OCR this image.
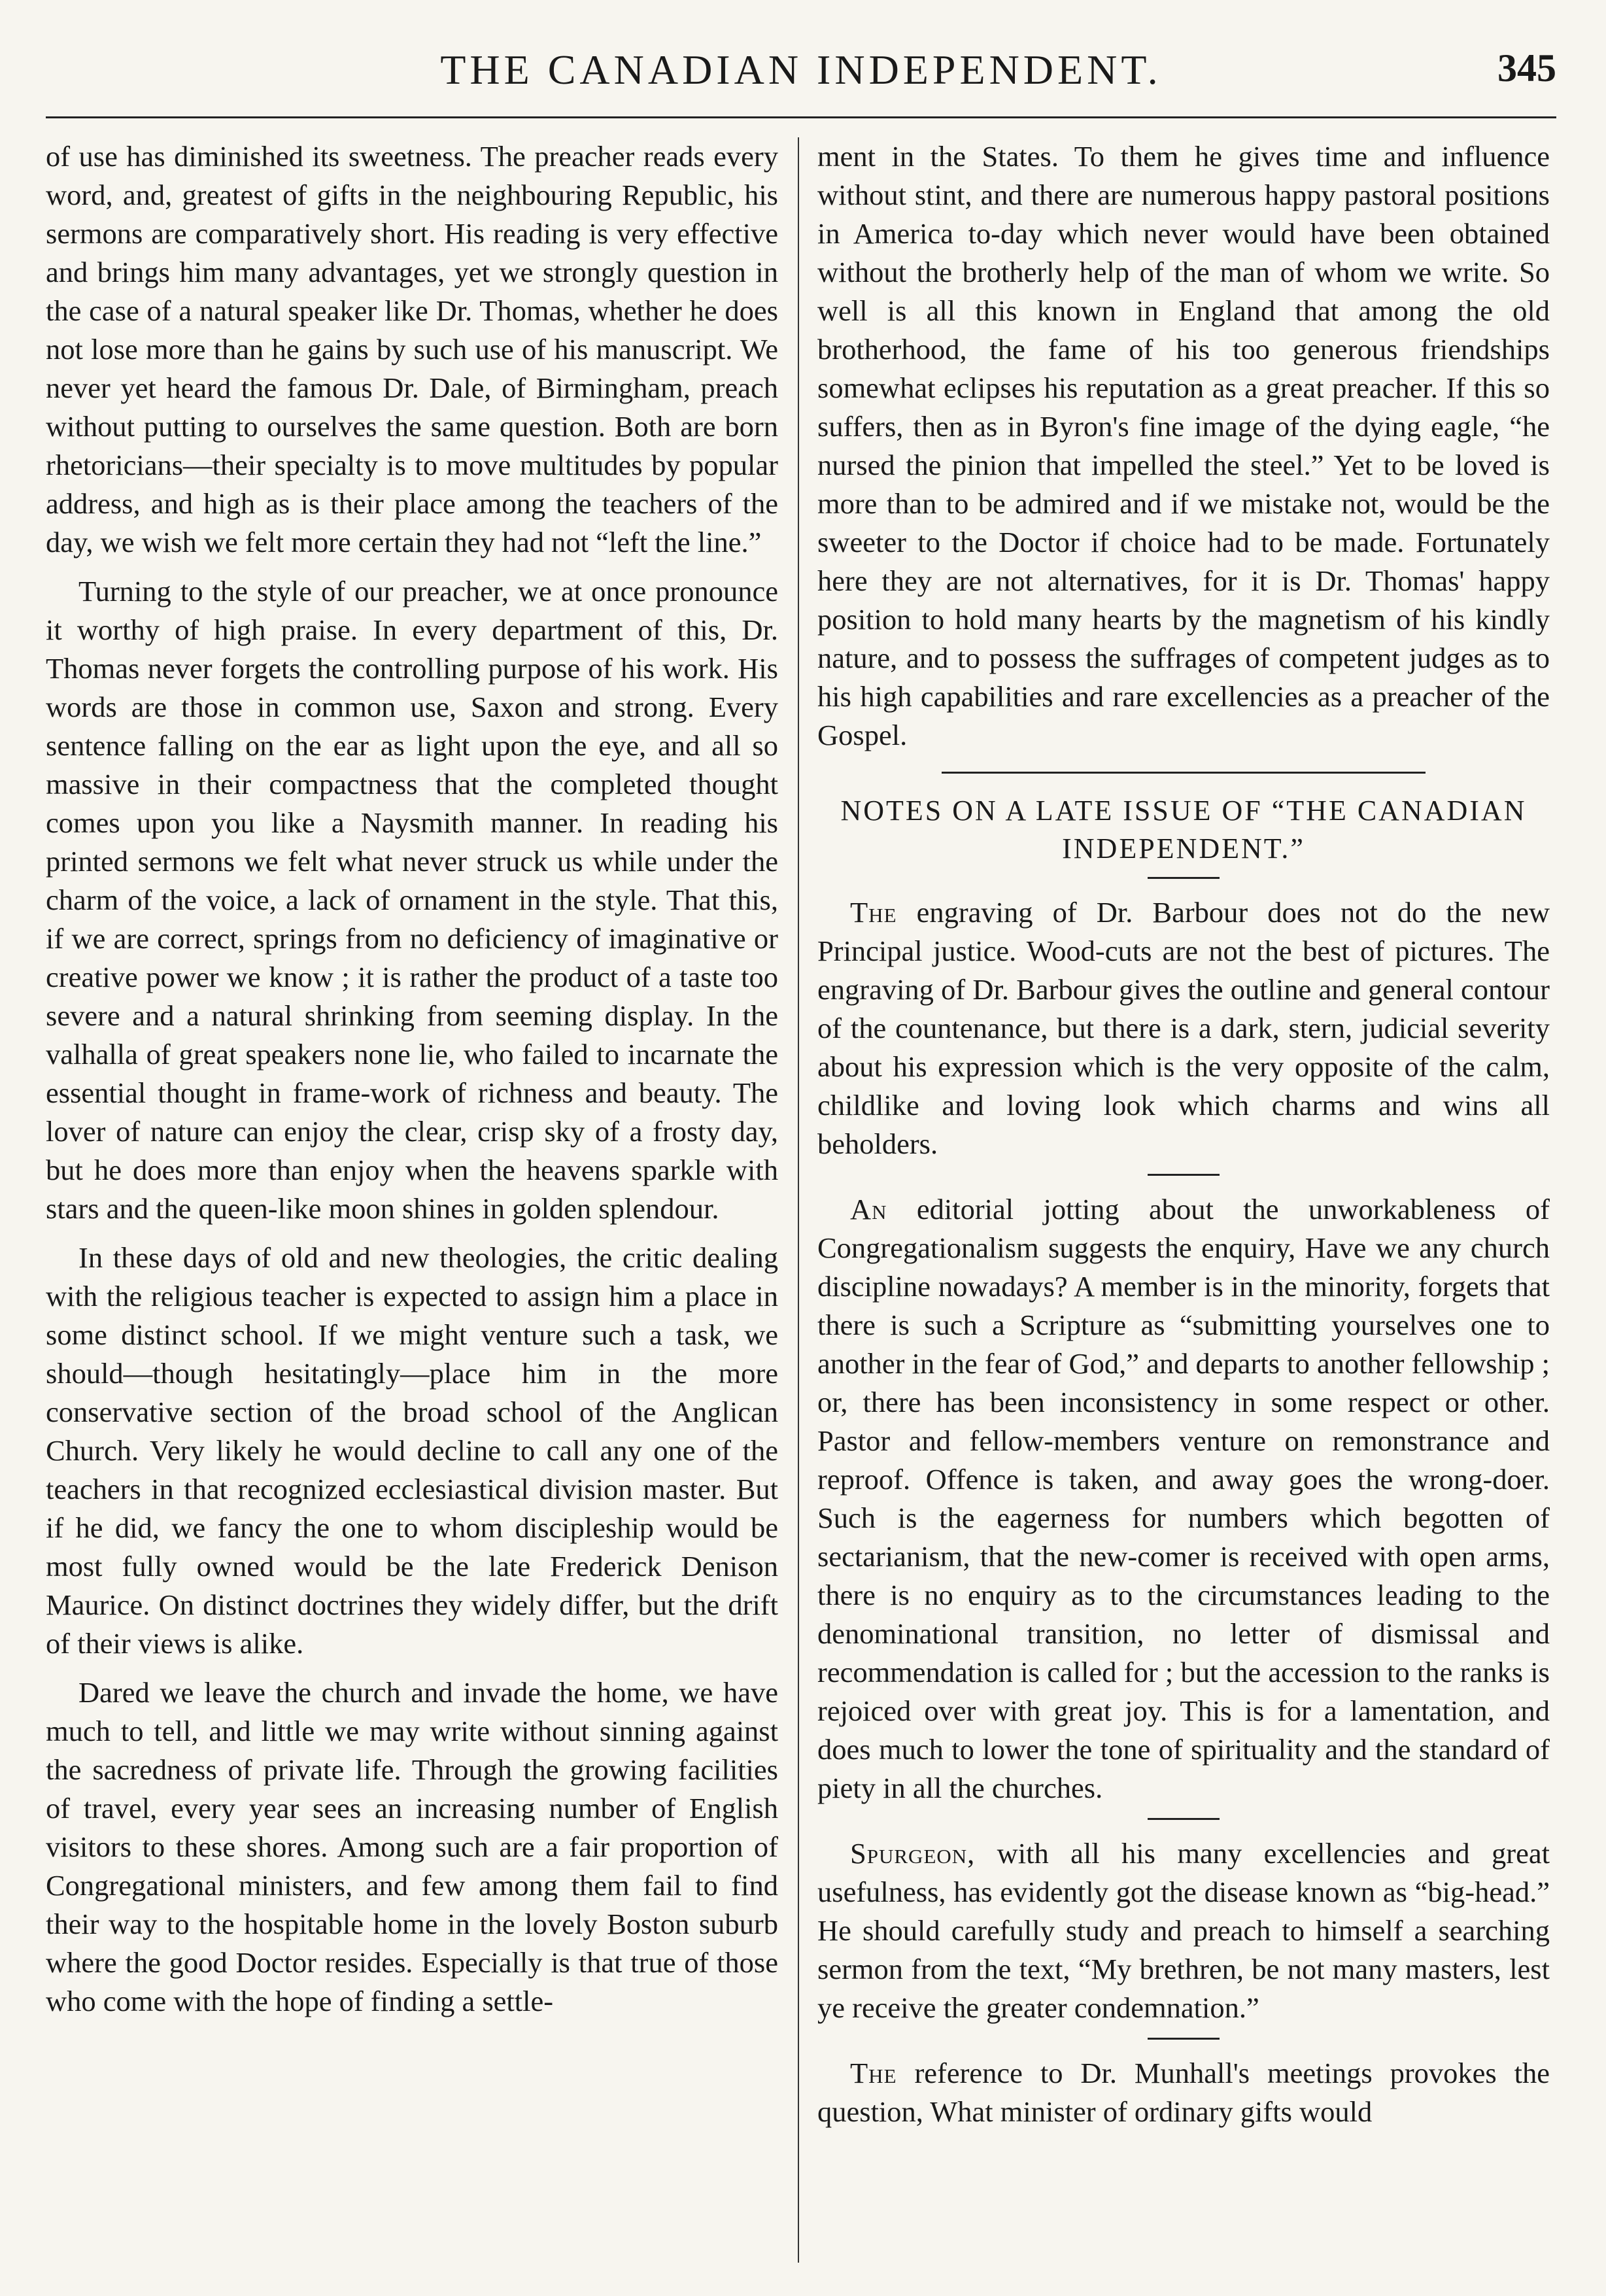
THE CANADIAN INDEPENDENT.	345

of use has diminished its sweetness. The preacher reads every word, and, greatest of gifts in the neighbouring Republic, his sermons are comparatively short. His reading is very effective and brings him many advantages, yet we strongly question in the case of a natural speaker like Dr. Thomas, whether he does not lose more than he gains by such use of his manuscript. We never yet heard the famous Dr. Dale, of Birmingham, preach without putting to ourselves the same question. Both are born rhetoricians—their specialty is to move multitudes by popular address, and high as is their place among the teachers of the day, we wish we felt more certain they had not “left the line.”

Turning to the style of our preacher, we at once pronounce it worthy of high praise. In every department of this, Dr. Thomas never forgets the controlling purpose of his work. His words are those in common use, Saxon and strong. Every sentence falling on the ear as light upon the eye, and all so massive in their compactness that the completed thought comes upon you like a Naysmith manner. In reading his printed sermons we felt what never struck us while under the charm of the voice, a lack of ornament in the style. That this, if we are correct, springs from no deficiency of imaginative or creative power we know ; it is rather the product of a taste too severe and a natural shrinking from seeming display. In the valhalla of great speakers none lie, who failed to incarnate the essential thought in frame-work of richness and beauty. The lover of nature can enjoy the clear, crisp sky of a frosty day, but he does more than enjoy when the heavens sparkle with stars and the queen-like moon shines in golden splendour.

In these days of old and new theologies, the critic dealing with the religious teacher is expected to assign him a place in some distinct school. If we might venture such a task, we should—though hesitatingly—place him in the more conservative section of the broad school of the Anglican Church. Very likely he would decline to call any one of the teachers in that recognized ecclesiastical division master. But if he did, we fancy the one to whom discipleship would be most fully owned would be the late Frederick Denison Maurice. On distinct doctrines they widely differ, but the drift of their views is alike.

Dared we leave the church and invade the home, we have much to tell, and little we may write without sinning against the sacredness of private life. Through the growing facilities of travel, every year sees an increasing number of English visitors to these shores. Among such are a fair proportion of Congregational ministers, and few among them fail to find their way to the hospitable home in the lovely Boston suburb where the good Doctor resides. Especially is that true of those who come with the hope of finding a settle-

ment in the States. To them he gives time and influence without stint, and there are numerous happy pastoral positions in America to-day which never would have been obtained without the brotherly help of the man of whom we write. So well is all this known in England that among the old brotherhood, the fame of his too generous friendships somewhat eclipses his reputation as a great preacher. If this so suffers, then as in Byron's fine image of the dying eagle, “he nursed the pinion that impelled the steel.” Yet to be loved is more than to be admired and if we mistake not, would be the sweeter to the Doctor if choice had to be made. Fortunately here they are not alternatives, for it is Dr. Thomas' happy position to hold many hearts by the magnetism of his kindly nature, and to possess the suffrages of competent judges as to his high capabilities and rare excellencies as a preacher of the Gospel.

NOTES ON A LATE ISSUE OF “THE CANADIAN INDEPENDENT.”

The engraving of Dr. Barbour does not do the new Principal justice. Wood-cuts are not the best of pictures. The engraving of Dr. Barbour gives the outline and general contour of the countenance, but there is a dark, stern, judicial severity about his expression which is the very opposite of the calm, childlike and loving look which charms and wins all beholders.

An editorial jotting about the unworkableness of Congregationalism suggests the enquiry, Have we any church discipline nowadays? A member is in the minority, forgets that there is such a Scripture as “submitting yourselves one to another in the fear of God,” and departs to another fellowship ; or, there has been inconsistency in some respect or other. Pastor and fellow-members venture on remonstrance and reproof. Offence is taken, and away goes the wrong-doer. Such is the eagerness for numbers which begotten of sectarianism, that the new-comer is received with open arms, there is no enquiry as to the circumstances leading to the denominational transition, no letter of dismissal and recommendation is called for ; but the accession to the ranks is rejoiced over with great joy. This is for a lamentation, and does much to lower the tone of spirituality and the standard of piety in all the churches.

Spurgeon, with all his many excellencies and great usefulness, has evidently got the disease known as “big-head.” He should carefully study and preach to himself a searching sermon from the text, “My brethren, be not many masters, lest ye receive the greater condemnation.”

The reference to Dr. Munhall's meetings provokes the question, What minister of ordinary gifts would
